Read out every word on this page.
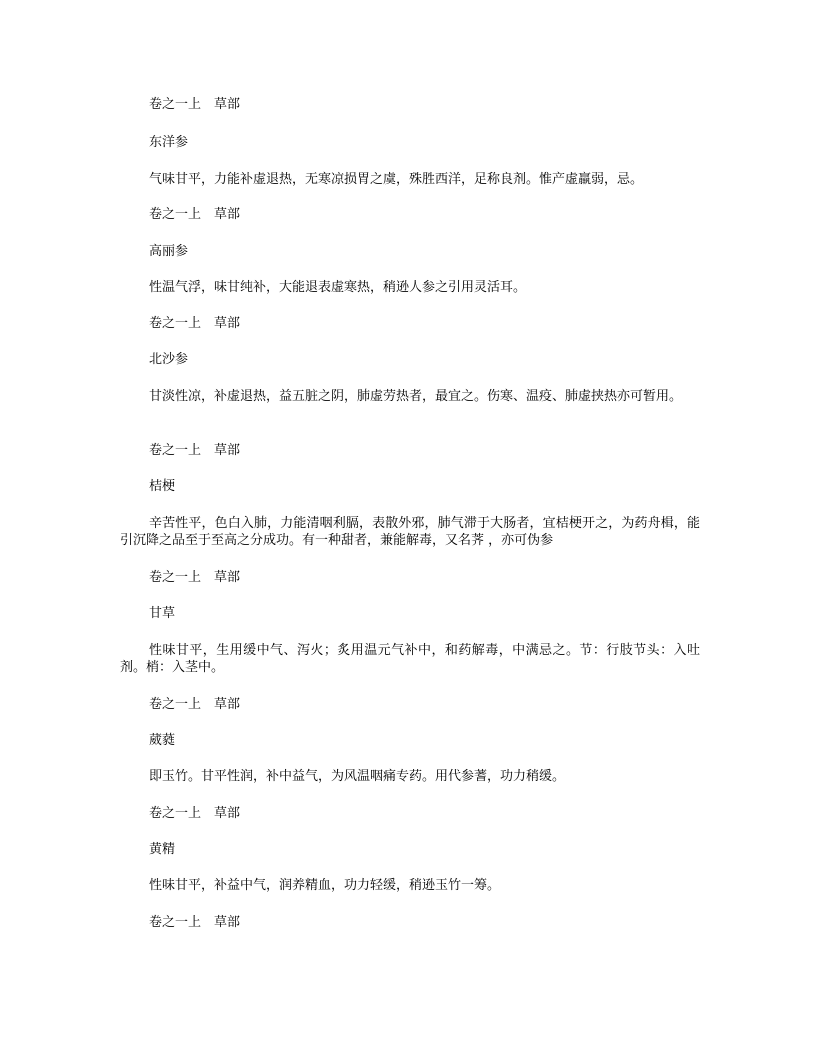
卷之一上　草部
东洋参
气味甘平，力能补虚退热，无寒凉损胃之虞，殊胜西洋，足称良剂。惟产虚羸弱，忌。
卷之一上　草部
高丽参
性温气浮，味甘纯补，大能退表虚寒热，稍逊人参之引用灵活耳。
卷之一上　草部
北沙参
甘淡性凉，补虚退热，益五脏之阴，肺虚劳热者，最宜之。伤寒、温疫、肺虚挟热亦可暂用。
卷之一上　草部
桔梗
辛苦性平，色白入肺，力能清咽利膈，表散外邪，肺气滞于大肠者，宜桔梗开之，为药舟楫，能引沉降之品至于至高之分成功。有一种甜者，兼能解毒，又名荠 ，亦可伪参
卷之一上　草部
甘草
性味甘平，生用缓中气、泻火；炙用温元气补中，和药解毒，中满忌之。节：行肢节头：入吐剂。梢：入茎中。
卷之一上　草部
葳蕤
即玉竹。甘平性润，补中益气，为风温咽痛专药。用代参蓍，功力稍缓。
卷之一上　草部
黄精
性味甘平，补益中气，润养精血，功力轻缓，稍逊玉竹一筹。
卷之一上　草部
